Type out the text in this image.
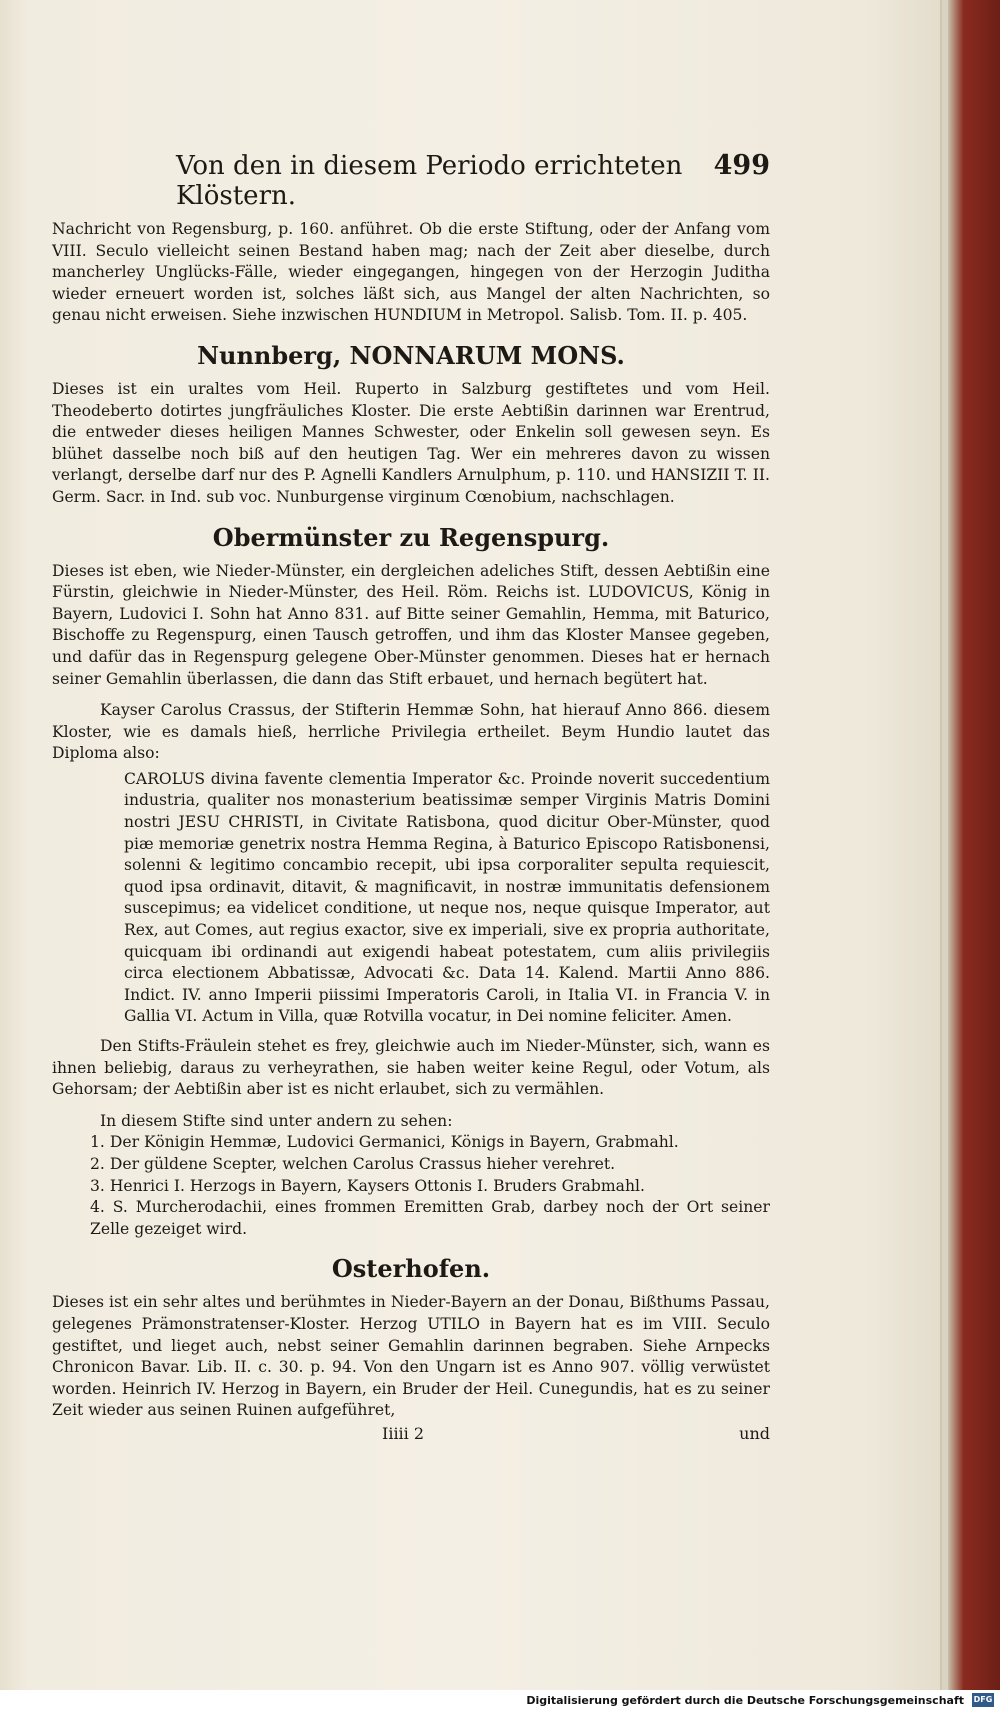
Von den in diesem Periodo errichteten Klöstern.
499

Nachricht von Regensburg, p. 160. anführet. Ob die erste Stiftung, oder der Anfang vom VIII. Seculo vielleicht seinen Bestand haben mag; nach der Zeit aber dieselbe, durch mancherley Unglücks-Fälle, wieder eingegangen, hingegen von der Herzogin Juditha wieder erneuert worden ist, solches läßt sich, aus Mangel der alten Nachrichten, so genau nicht erweisen. Siehe inzwischen HUNDIUM in Metropol. Salisb. Tom. II. p. 405.

Nunnberg, NONNARUM MONS.

Dieses ist ein uraltes vom Heil. Ruperto in Salzburg gestiftetes und vom Heil. Theodeberto dotirtes jungfräuliches Kloster. Die erste Aebtißin darinnen war Erentrud, die entweder dieses heiligen Mannes Schwester, oder Enkelin soll gewesen seyn. Es blühet dasselbe noch biß auf den heutigen Tag. Wer ein mehreres davon zu wissen verlangt, derselbe darf nur des P. Agnelli Kandlers Arnulphum, p. 110. und HANSIZII T. II. Germ. Sacr. in Ind. sub voc. Nunburgense virginum Cœnobium, nachschlagen.

Obermünster zu Regenspurg.

Dieses ist eben, wie Nieder-Münster, ein dergleichen adeliches Stift, dessen Aebtißin eine Fürstin, gleichwie in Nieder-Münster, des Heil. Röm. Reichs ist. LUDOVICUS, König in Bayern, Ludovici I. Sohn hat Anno 831. auf Bitte seiner Gemahlin, Hemma, mit Baturico, Bischoffe zu Regenspurg, einen Tausch getroffen, und ihm das Kloster Mansee gegeben, und dafür das in Regenspurg gelegene Ober-Münster genommen. Dieses hat er hernach seiner Gemahlin überlassen, die dann das Stift erbauet, und hernach begütert hat.

Kayser Carolus Crassus, der Stifterin Hemmæ Sohn, hat hierauf Anno 866. diesem Kloster, wie es damals hieß, herrliche Privilegia ertheilet. Beym Hundio lautet das Diploma also:

CAROLUS divina favente clementia Imperator &c. Proinde noverit succedentium industria, qualiter nos monasterium beatissimæ semper Virginis Matris Domini nostri JESU CHRISTI, in Civitate Ratisbona, quod dicitur Ober-Münster, quod piæ memoriæ genetrix nostra Hemma Regina, à Baturico Episcopo Ratisbonensi, solenni & legitimo concambio recepit, ubi ipsa corporaliter sepulta requiescit, quod ipsa ordinavit, ditavit, & magnificavit, in nostræ immunitatis defensionem suscepimus; ea videlicet conditione, ut neque nos, neque quisque Imperator, aut Rex, aut Comes, aut regius exactor, sive ex imperiali, sive ex propria authoritate, quicquam ibi ordinandi aut exigendi habeat potestatem, cum aliis privilegiis circa electionem Abbatissæ, Advocati &c. Data 14. Kalend. Martii Anno 886. Indict. IV. anno Imperii piissimi Imperatoris Caroli, in Italia VI. in Francia V. in Gallia VI. Actum in Villa, quæ Rotvilla vocatur, in Dei nomine feliciter. Amen.

Den Stifts-Fräulein stehet es frey, gleichwie auch im Nieder-Münster, sich, wann es ihnen beliebig, daraus zu verheyrathen, sie haben weiter keine Regul, oder Votum, als Gehorsam; der Aebtißin aber ist es nicht erlaubet, sich zu vermählen.

In diesem Stifte sind unter andern zu sehen:

1. Der Königin Hemmæ, Ludovici Germanici, Königs in Bayern, Grabmahl.

2. Der güldene Scepter, welchen Carolus Crassus hieher verehret.

3. Henrici I. Herzogs in Bayern, Kaysers Ottonis I. Bruders Grabmahl.

4. S. Murcherodachii, eines frommen Eremitten Grab, darbey noch der Ort seiner Zelle gezeiget wird.

Osterhofen.

Dieses ist ein sehr altes und berühmtes in Nieder-Bayern an der Donau, Bißthums Passau, gelegenes Prämonstratenser-Kloster. Herzog UTILO in Bayern hat es im VIII. Seculo gestiftet, und lieget auch, nebst seiner Gemahlin darinnen begraben. Siehe Arnpecks Chronicon Bavar. Lib. II. c. 30. p. 94. Von den Ungarn ist es Anno 907. völlig verwüstet worden. Heinrich IV. Herzog in Bayern, ein Bruder der Heil. Cunegundis, hat es zu seiner Zeit wieder aus seinen Ruinen aufgeführet,

Iiiii 2	und
Digitalisierung gefördert durch die Deutsche Forschungsgemeinschaft DFG
